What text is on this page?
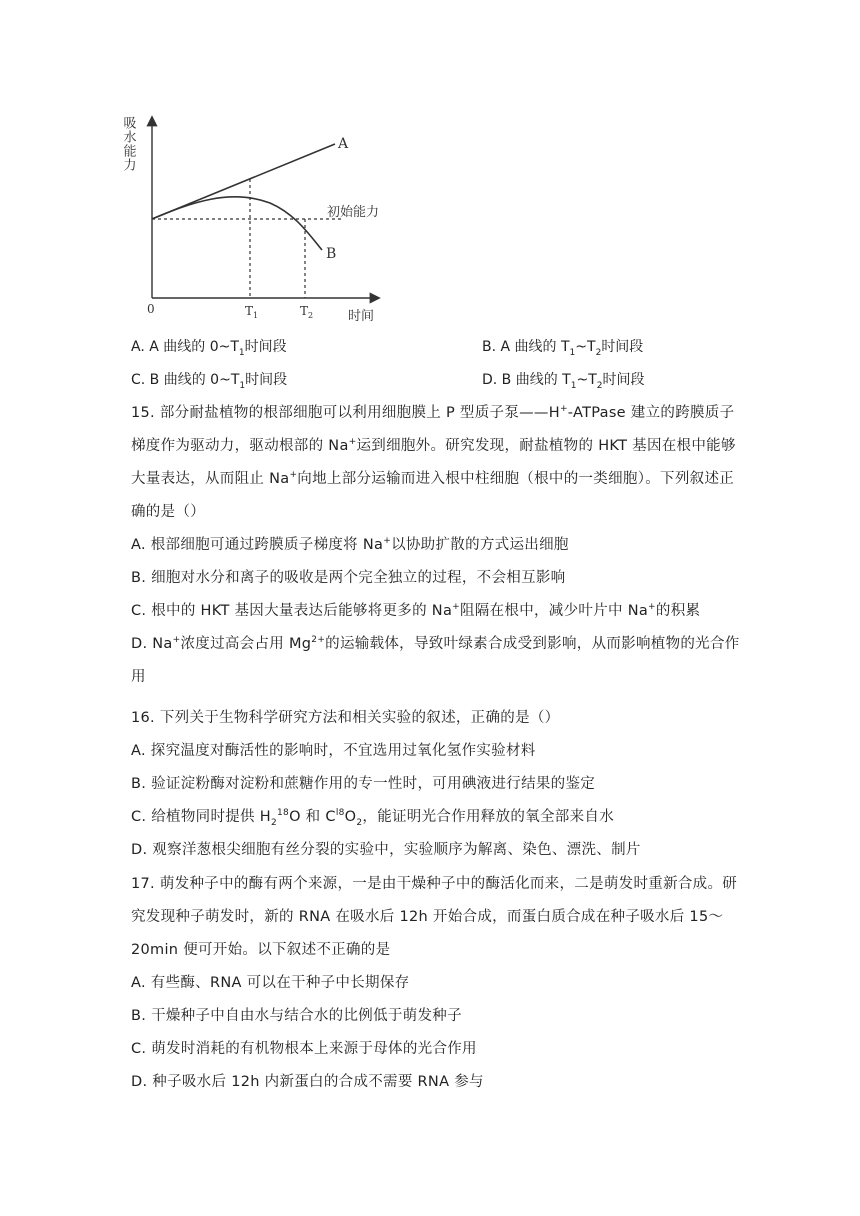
吸水能力
时间
0	$T_1$	$T_2$
A
B
初始能力
A. A 曲线的 $0\sim T_1$时间段	B. A 曲线的 $T_1\sim T_2$时间段
C. B 曲线的 $0\sim T_1$时间段	D. B 曲线的 $T_1\sim T_2$时间段

15. 部分耐盐植物的根部细胞可以利用细胞膜上 P 型质子泵——H+-ATPase 建立的跨膜质子梯度作为驱动力，驱动根部的 Na+运到细胞外。研究发现，耐盐植物的 HKT 基因在根中能够大量表达，从而阻止 Na+向地上部分运输而进入根中柱细胞（根中的一类细胞）。下列叙述正确的是（）

A. 根部细胞可通过跨膜质子梯度将 Na+以协助扩散的方式运出细胞

B. 细胞对水分和离子的吸收是两个完全独立的过程，不会相互影响

C. 根中的 HKT 基因大量表达后能够将更多的 Na+阻隔在根中，减少叶片中 Na+的积累

D. Na+浓度过高会占用 $Mg^{2+}$的运输载体，导致叶绿素合成受到影响，从而影响植物的光合作用

16. 下列关于生物科学研究方法和相关实验的叙述，正确的是（）

A. 探究温度对酶活性的影响时，不宜选用过氧化氢作实验材料

B. 验证淀粉酶对淀粉和蔗糖作用的专一性时，可用碘液进行结果的鉴定

C. 给植物同时提供 $H_2^{18}O$ 和 $C^{l8}O_2$，能证明光合作用释放的氧全部来自水

D. 观察洋葱根尖细胞有丝分裂的实验中，实验顺序为解离、染色、漂洗、制片

17. 萌发种子中的酶有两个来源，一是由干燥种子中的酶活化而来，二是萌发时重新合成。研究发现种子萌发时，新的 RNA 在吸水后 12h 开始合成，而蛋白质合成在种子吸水后 15～20min 便可开始。以下叙述不正确的是

A. 有些酶、RNA 可以在干种子中长期保存

B. 干燥种子中自由水与结合水的比例低于萌发种子

C. 萌发时消耗的有机物根本上来源于母体的光合作用

D. 种子吸水后 12h 内新蛋白的合成不需要 RNA 参与
